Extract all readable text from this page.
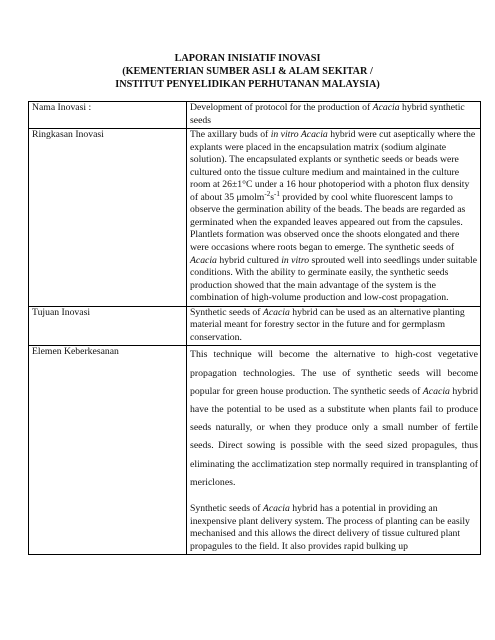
LAPORAN INISIATIF INOVASI
(KEMENTERIAN SUMBER ASLI & ALAM SEKITAR /
INSTITUT PENYELIDIKAN PERHUTANAN MALAYSIA)
Nama Inovasi :	Development of protocol for the production of Acacia hybrid synthetic seeds

Ringkasan Inovasi	The axillary buds of in vitro Acacia hybrid were cut aseptically where the explants were placed in the encapsulation matrix (sodium alginate solution). The encapsulated explants or synthetic seeds or beads were cultured onto the tissue culture medium and maintained in the culture room at 26±1°C under a 16 hour photoperiod with a photon flux density of about 35 $\mu molm^{-2}s^{-1}$ provided by cool white fluorescent lamps to observe the germination ability of the beads. The beads are regarded as germinated when the expanded leaves appeared out from the capsules. Plantlets formation was observed once the shoots elongated and there were occasions where roots began to emerge. The synthetic seeds of Acacia hybrid cultured in vitro sprouted well into seedlings under suitable conditions. With the ability to germinate easily, the synthetic seeds production showed that the main advantage of the system is the combination of high-volume production and low-cost propagation.

Tujuan Inovasi	Synthetic seeds of Acacia hybrid can be used as an alternative planting material meant for forestry sector in the future and for germplasm conservation.

Elemen Keberkesanan	This technique will become the alternative to high-cost vegetative propagation technologies. The use of synthetic seeds will become popular for green house production. The synthetic seeds of Acacia hybrid have the potential to be used as a substitute when plants fail to produce seeds naturally, or when they produce only a small number of fertile seeds. Direct sowing is possible with the seed sized propagules, thus eliminating the acclimatization step normally required in transplanting of mericlones.

Synthetic seeds of Acacia hybrid has a potential in providing an inexpensive plant delivery system. The process of planting can be easily mechanised and this allows the direct delivery of tissue cultured plant propagules to the field. It also provides rapid bulking up
